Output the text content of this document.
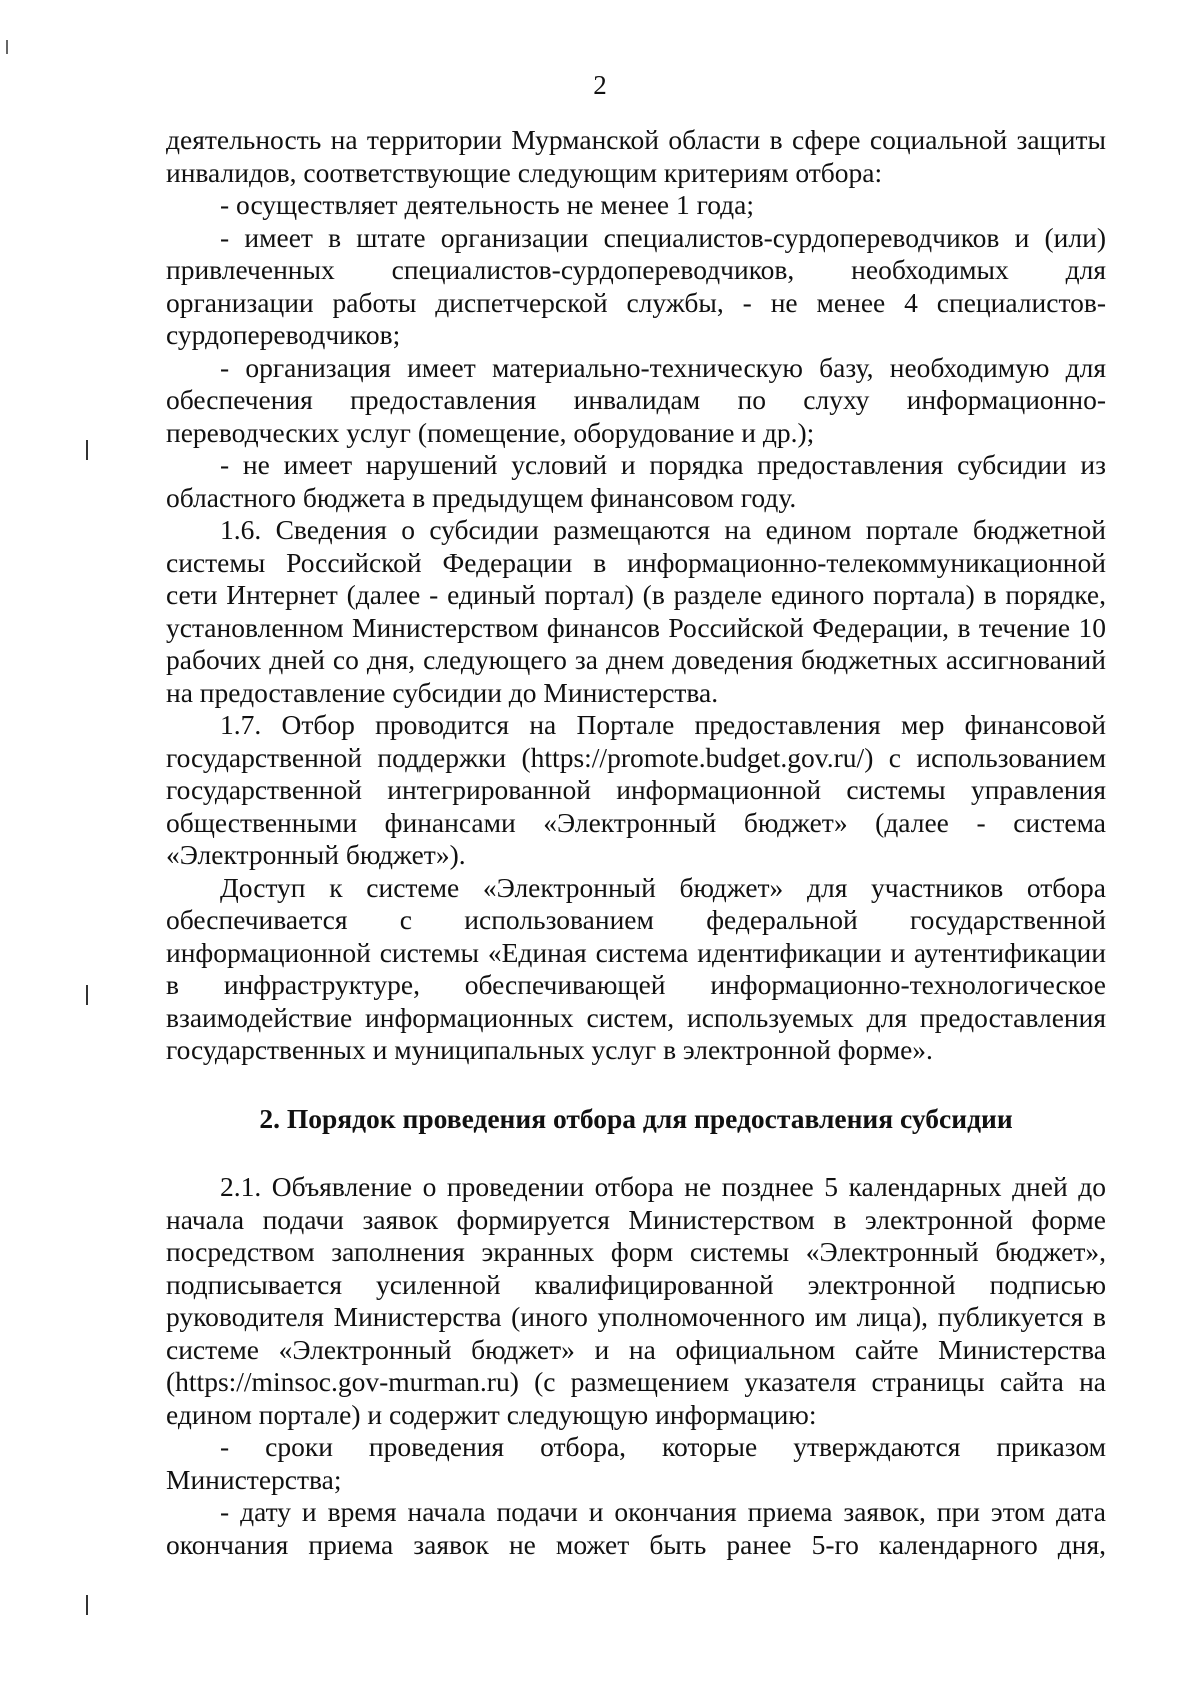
2

деятельность на территории Мурманской области в сфере социальной защиты инвалидов, соответствующие следующим критериям отбора:

- осуществляет деятельность не менее 1 года;

- имеет в штате организации специалистов-сурдопереводчиков и (или) привлеченных специалистов-сурдопереводчиков, необходимых для организации работы диспетчерской службы, - не менее 4 специалистов-сурдопереводчиков;

- организация имеет материально-техническую базу, необходимую для обеспечения предоставления инвалидам по слуху информационно-переводческих услуг (помещение, оборудование и др.);

- не имеет нарушений условий и порядка предоставления субсидии из областного бюджета в предыдущем финансовом году.

1.6. Сведения о субсидии размещаются на едином портале бюджетной системы Российской Федерации в информационно-телекоммуникационной сети Интернет (далее - единый портал) (в разделе единого портала) в порядке, установленном Министерством финансов Российской Федерации, в течение 10 рабочих дней со дня, следующего за днем доведения бюджетных ассигнований на предоставление субсидии до Министерства.

1.7. Отбор проводится на Портале предоставления мер финансовой государственной поддержки (https://promote.budget.gov.ru/) с использованием государственной интегрированной информационной системы управления общественными финансами «Электронный бюджет» (далее - система «Электронный бюджет»).

Доступ к системе «Электронный бюджет» для участников отбора обеспечивается с использованием федеральной государственной информационной системы «Единая система идентификации и аутентификации в инфраструктуре, обеспечивающей информационно-технологическое взаимодействие информационных систем, используемых для предоставления государственных и муниципальных услуг в электронной форме».

2. Порядок проведения отбора для предоставления субсидии

2.1. Объявление о проведении отбора не позднее 5 календарных дней до начала подачи заявок формируется Министерством в электронной форме посредством заполнения экранных форм системы «Электронный бюджет», подписывается усиленной квалифицированной электронной подписью руководителя Министерства (иного уполномоченного им лица), публикуется в системе «Электронный бюджет» и на официальном сайте Министерства (https://minsoc.gov-murman.ru) (с размещением указателя страницы сайта на едином портале) и содержит следующую информацию:

- сроки проведения отбора, которые утверждаются приказом Министерства;

- дату и время начала подачи и окончания приема заявок, при этом дата окончания приема заявок не может быть ранее 5-го календарного дня,
